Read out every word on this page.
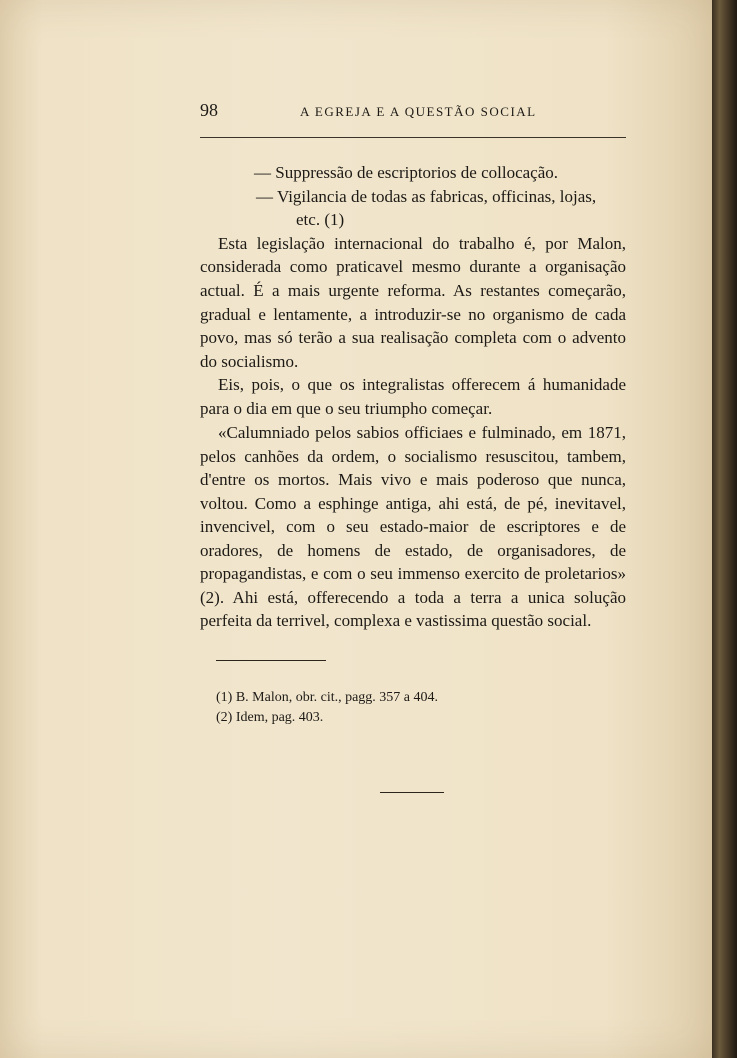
98	A EGREJA E A QUESTÃO SOCIAL

— Suppressão de escriptorios de collocação.

— Vigilancia de todas as fabricas, officinas, lojas,
etc. (1)

Esta legislação internacional do trabalho é, por Malon, considerada como praticavel mesmo durante a organisação actual. É a mais urgente reforma. As restantes começarão, gradual e lentamente, a introduzir-se no organismo de cada povo, mas só terão a sua realisação completa com o advento do socialismo.

Eis, pois, o que os integralistas offerecem á humanidade para o dia em que o seu triumpho começar.

«Calumniado pelos sabios officiaes e fulminado, em 1871, pelos canhões da ordem, o socialismo resuscitou, tambem, d'entre os mortos. Mais vivo e mais poderoso que nunca, voltou. Como a esphinge antiga, ahi está, de pé, inevitavel, invencivel, com o seu estado-maior de escriptores e de oradores, de homens de estado, de organisadores, de propagandistas, e com o seu immenso exercito de proletarios» (2). Ahi está, offerecendo a toda a terra a unica solução perfeita da terrivel, complexa e vastissima questão social.

(1) B. Malon, obr. cit., pagg. 357 a 404.
(2) Idem, pag. 403.
